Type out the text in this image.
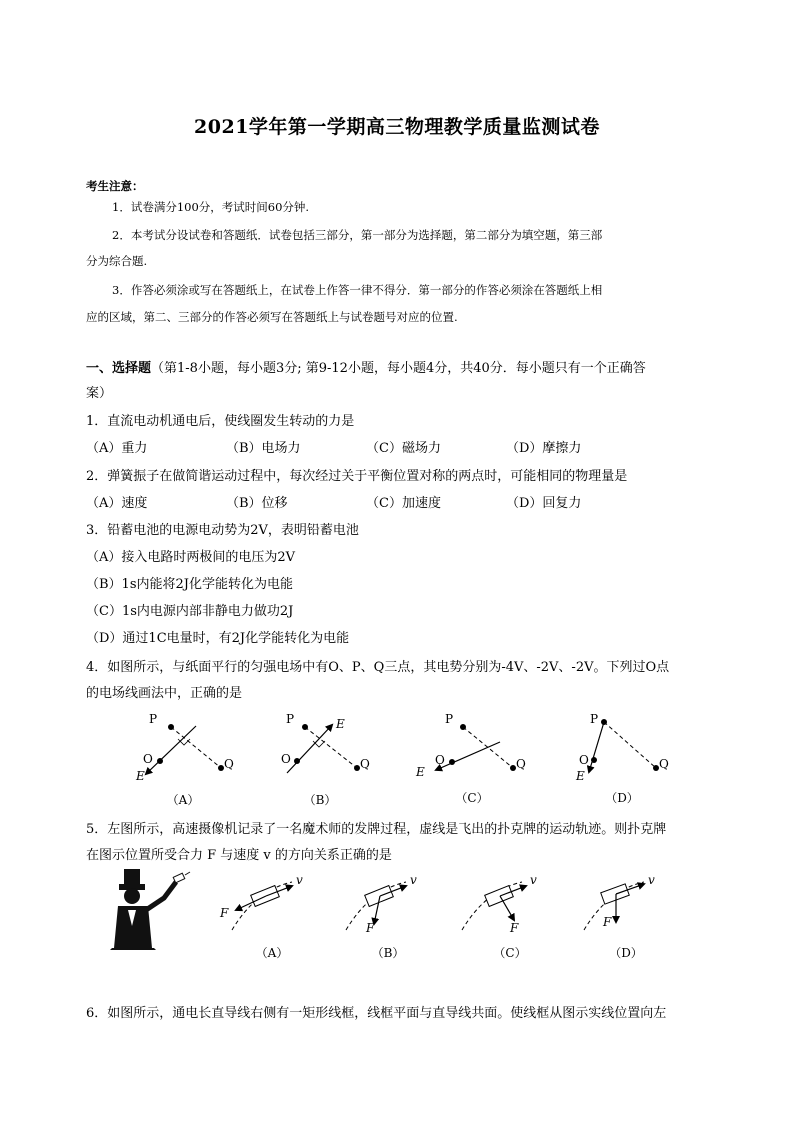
2021学年第一学期高三物理教学质量监测试卷
考生注意：
1．试卷满分100分，考试时间60分钟.
2．本考试分设试卷和答题纸．试卷包括三部分，第一部分为选择题，第二部分为填空题，第三部
分为综合题.
3．作答必须涂或写在答题纸上，在试卷上作答一律不得分．第一部分的作答必须涂在答题纸上相
应的区域，第二、三部分的作答必须写在答题纸上与试卷题号对应的位置.
一、选择题（第1-8小题，每小题3分; 第9-12小题，每小题4分，共40分．每小题只有一个正确答
案）
1．直流电动机通电后，使线圈发生转动的力是
（A）重力	（B）电场力	（C）磁场力	（D）摩擦力
2．弹簧振子在做简谐运动过程中，每次经过关于平衡位置对称的两点时，可能相同的物理量是
（A）速度	（B）位移	（C）加速度	（D）回复力
3．铅蓄电池的电源电动势为2V，表明铅蓄电池
（A）接入电路时两极间的电压为2V
（B）1s内能将2J化学能转化为电能
（C）1s内电源内部非静电力做功2J
（D）通过1C电量时，有2J化学能转化为电能
4．如图所示，与纸面平行的匀强电场中有O、P、Q三点，其电势分别为-4V、-2V、-2V。下列过O点
的电场线画法中，正确的是
P
O	Q
E
P
O	Q
E	P
O	Q
E
P
O	Q
E
（A）	（B）	（C）	（D）
5．左图所示，高速摄像机记录了一名魔术师的发牌过程，虚线是飞出的扑克牌的运动轨迹。则扑克牌
在图示位置所受合力 F 与速度 v 的方向关系正确的是
v
F
v
F
v
F
v
F
（A）	（B）	（C）	（D）
6．如图所示，通电长直导线右侧有一矩形线框，线框平面与直导线共面。使线框从图示实线位置向左
